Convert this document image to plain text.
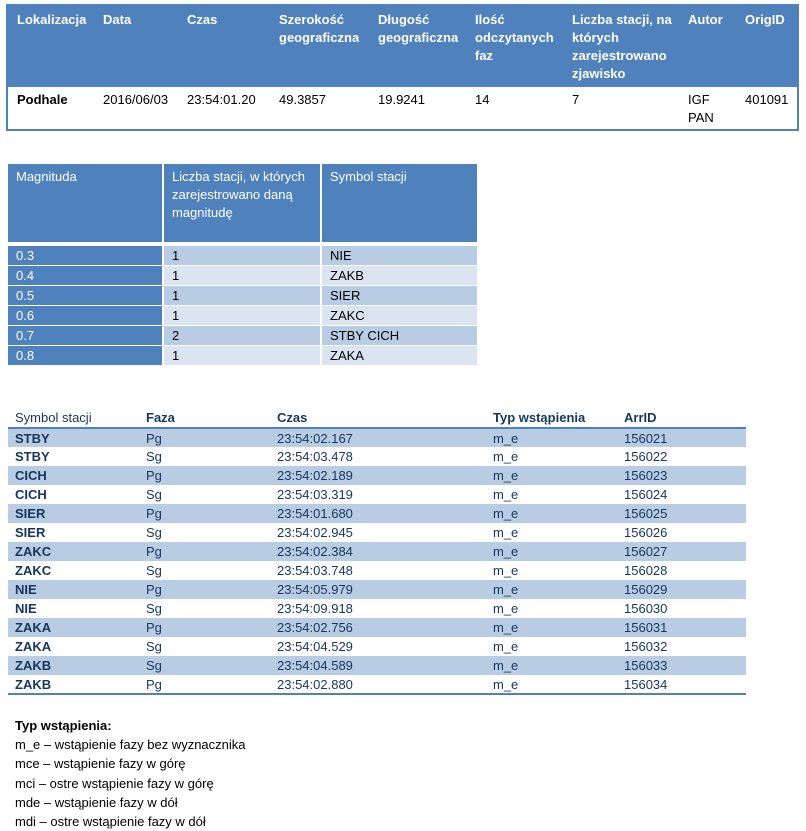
Lokalizacja	Data	Czas	Szerokość geograficzna	Długość geograficzna	Ilość odczytanych faz	Liczba stacji, na których zarejestrowano zjawisko	Autor	OrigID
Podhale	2016/06/03	23:54:01.20	49.3857	19.9241	14	7	IGF PAN	401091
Magnituda	Liczba stacji, w których zarejestrowano daną magnitudę	Symbol stacji

0.3	1	NIE
0.4	1	ZAKB
0.5	1	SIER
0.6	1	ZAKC
0.7	2	STBY CICH
0.8	1	ZAKA
Symbol stacji	Faza	Czas	Typ wstąpienia	ArrID
STBY	Pg	23:54:02.167	m_e	156021
STBY	Sg	23:54:03.478	m_e	156022
CICH	Pg	23:54:02.189	m_e	156023
CICH	Sg	23:54:03.319	m_e	156024
SIER	Pg	23:54:01.680	m_e	156025
SIER	Sg	23:54:02.945	m_e	156026
ZAKC	Pg	23:54:02.384	m_e	156027
ZAKC	Sg	23:54:03.748	m_e	156028
NIE	Pg	23:54:05.979	m_e	156029
NIE	Sg	23:54:09.918	m_e	156030
ZAKA	Pg	23:54:02.756	m_e	156031
ZAKA	Sg	23:54:04.529	m_e	156032
ZAKB	Sg	23:54:04.589	m_e	156033
ZAKB	Pg	23:54:02.880	m_e	156034
Typ wstąpienia:
m_e – wstąpienie fazy bez wyznacznika
mce – wstąpienie fazy w górę
mci – ostre wstąpienie fazy w górę
mde – wstąpienie fazy w dół
mdi – ostre wstąpienie fazy w dół
